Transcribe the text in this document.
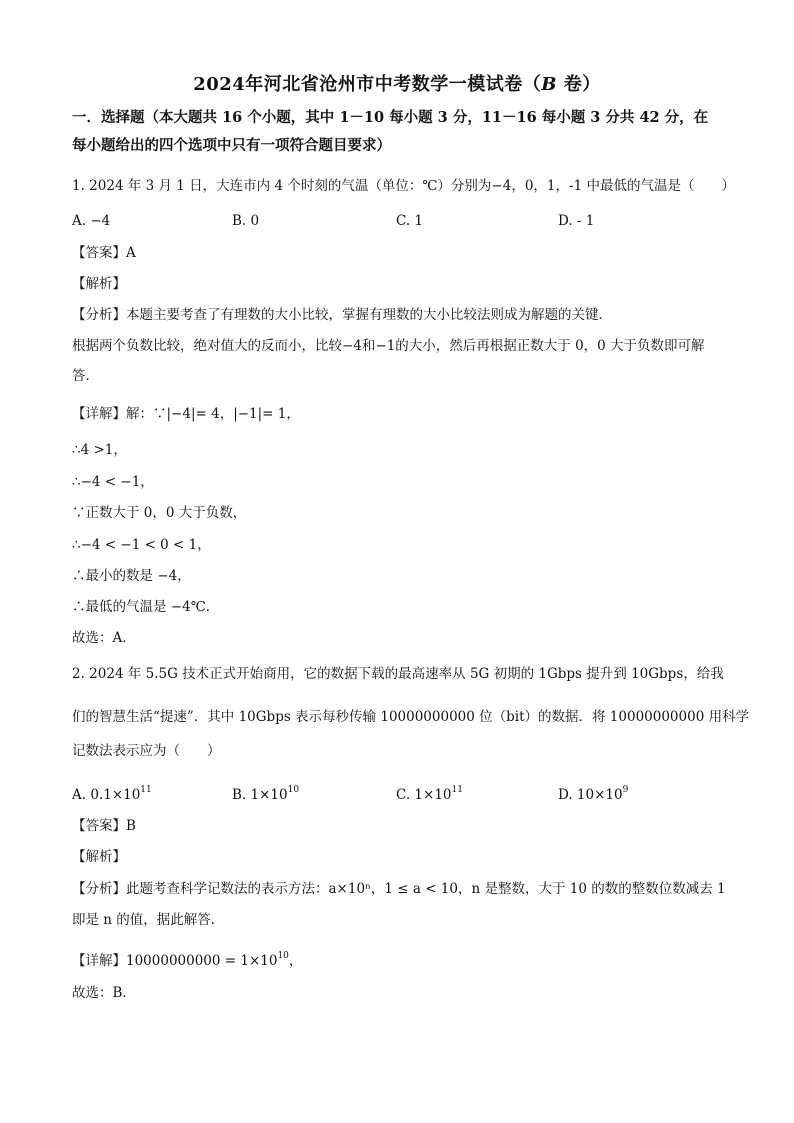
2024年河北省沧州市中考数学一模试卷（B 卷）
一．选择题（本大题共 16 个小题，其中 1－10 每小题 3 分，11－16 每小题 3 分共 42 分，在
每小题给出的四个选项中只有一项符合题目要求）
1. 2024 年 3 月 1 日，大连市内 4 个时刻的气温（单位：℃）分别为−4，0，1，-1 中最低的气温是（　　）
A. −4	B. 0	C. 1	D. - 1
【答案】A
【解析】
【分析】本题主要考查了有理数的大小比较，掌握有理数的大小比较法则成为解题的关键．
根据两个负数比较，绝对值大的反而小，比较−4和−1的大小，然后再根据正数大于 0，0 大于负数即可解
答．
【详解】解：∵|−4|= 4，|−1|= 1，
∴4 >1，
∴−4 < −1，
∵正数大于 0，0 大于负数，
∴−4 < −1 < 0 < 1，
∴最小的数是 −4，
∴最低的气温是 −4℃．
故选：A．
2. 2024 年 5.5G 技术正式开始商用，它的数据下载的最高速率从 5G 初期的 1Gbps 提升到 10Gbps，给我
们的智慧生活“提速”．其中 10Gbps 表示每秒传输 10000000000 位（bit）的数据．将 10000000000 用科学
记数法表示应为（　　）
A. $0.1\times 10^{11}$	B. $1\times 10^{10}$	C. $1\times 10^{11}$	D. $10\times 10^9$
【答案】B
【解析】
【分析】此题考查科学记数法的表示方法：a×10ⁿ，1 ≤ a < 10，n 是整数，大于 10 的数的整数位数减去 1
即是 n 的值，据此解答．
【详解】$10000000000 = 1\times 10^{10}$，
故选：B．
